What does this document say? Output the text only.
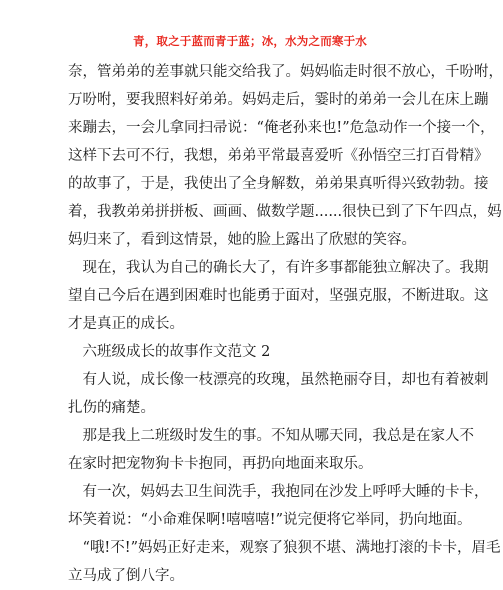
青，取之于蓝而青于蓝；冰，水为之而寒于水
奈，管弟弟的差事就只能交给我了。妈妈临走时很不放心，千吩咐，
万吩咐，要我照料好弟弟。妈妈走后，霎时的弟弟一会儿在床上蹦
来蹦去，一会儿拿同扫帚说：“俺老孙来也!”危急动作一个接一个，
这样下去可不行，我想，弟弟平常最喜爱听《孙悟空三打百骨精》
的故事了，于是，我使出了全身解数，弟弟果真听得兴致勃勃。接
着，我教弟弟拼拼板、画画、做数学题......很快已到了下午四点，妈
妈归来了，看到这情景，她的脸上露出了欣慰的笑容。
　现在，我认为自己的确长大了，有许多事都能独立解决了。我期
望自己今后在遇到困难时也能勇于面对，坚强克服，不断进取。这
才是真正的成长。
　六班级成长的故事作文范文 2
　有人说，成长像一枝漂亮的玫瑰，虽然艳丽夺目，却也有着被刺
扎伤的痛楚。
　那是我上二班级时发生的事。不知从哪天同，我总是在家人不
在家时把宠物狗卡卡抱同，再扔向地面来取乐。
　有一次，妈妈去卫生间洗手，我抱同在沙发上呼呼大睡的卡卡，
坏笑着说：“小命难保啊!嘻嘻嘻!”说完便将它举同，扔向地面。
　“哦!不!”妈妈正好走来，观察了狼狈不堪、满地打滚的卡卡，眉毛
立马成了倒八字。
